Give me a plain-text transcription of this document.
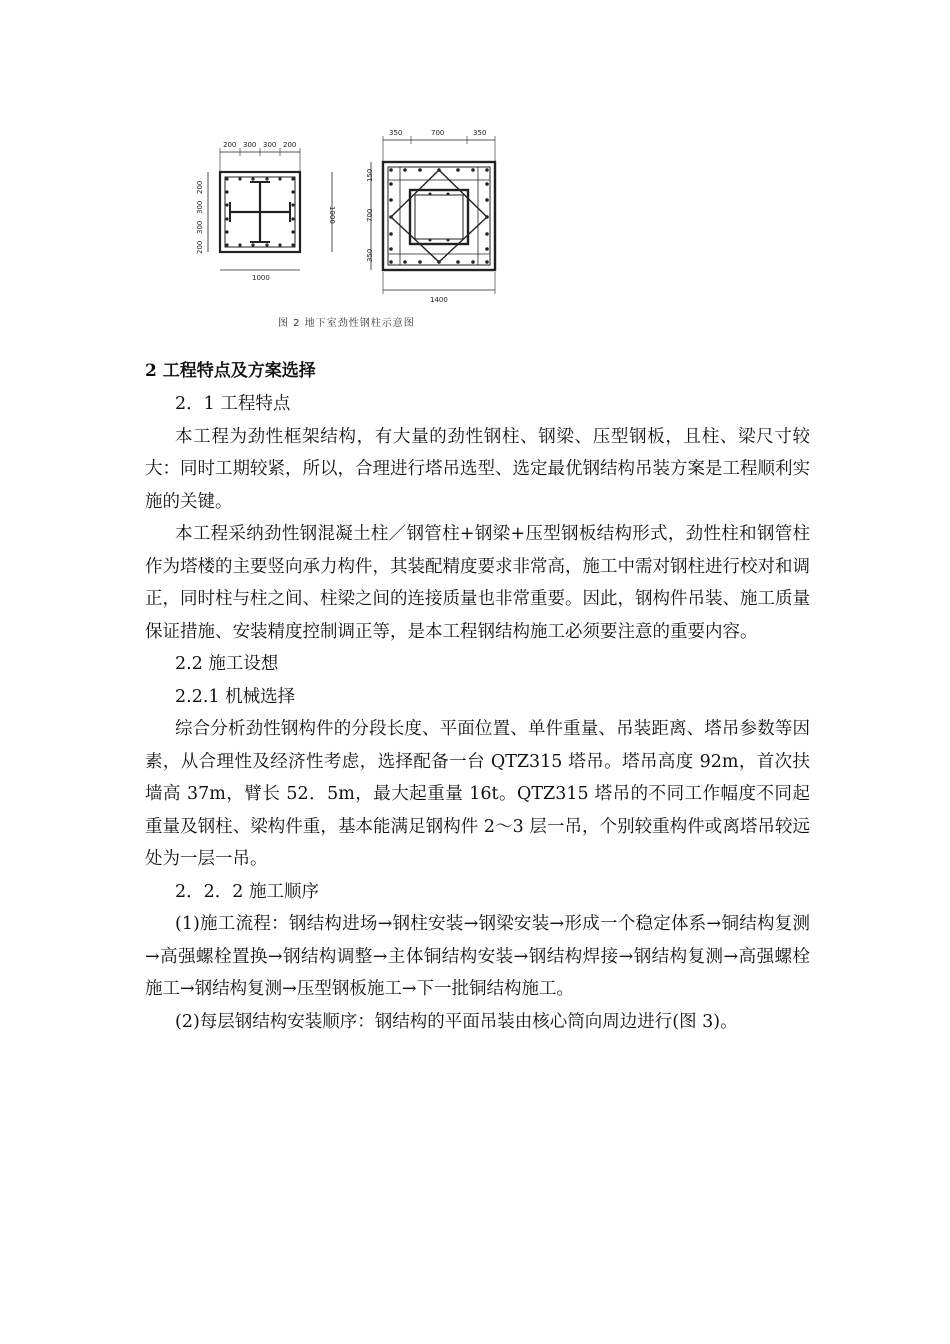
200 300 300 200
200
300
300
200
1000
1000
350	700	350
150
700
350
1400
图 2 地下室劲性钢柱示意图
2 工程特点及方案选择

2．1 工程特点

本工程为劲性框架结构，有大量的劲性钢柱、钢梁、压型钢板，且柱、梁尺寸较大：同时工期较紧，所以，合理进行塔吊选型、选定最优钢结构吊装方案是工程顺利实施的关键。

本工程采纳劲性钢混凝土柱／钢管柱+钢梁+压型钢板结构形式，劲性柱和钢管柱作为塔楼的主要竖向承力构件，其装配精度要求非常高，施工中需对钢柱进行校对和调正，同时柱与柱之间、柱梁之间的连接质量也非常重要。因此，钢构件吊装、施工质量保证措施、安装精度控制调正等，是本工程钢结构施工必须要注意的重要内容。

2.2 施工设想

2.2.1 机械选择

综合分析劲性钢构件的分段长度、平面位置、单件重量、吊装距离、塔吊参数等因素，从合理性及经济性考虑，选择配备一台 QTZ315 塔吊。塔吊高度 92m，首次扶墙高 37m，臂长 52．5m，最大起重量 16t。QTZ315 塔吊的不同工作幅度不同起重量及钢柱、梁构件重，基本能满足钢构件 2～3 层一吊，个别较重构件或离塔吊较远处为一层一吊。

2．2．2 施工顺序

(1)施工流程：钢结构进场→钢柱安装→钢梁安装→形成一个稳定体系→铜结构复测→高强螺栓置换→钢结构调整→主体铜结构安装→钢结构焊接→钢结构复测→高强螺栓施工→钢结构复测→压型钢板施工→下一批铜结构施工。

(2)每层钢结构安装顺序：钢结构的平面吊装由核心筒向周边进行(图 3)。
